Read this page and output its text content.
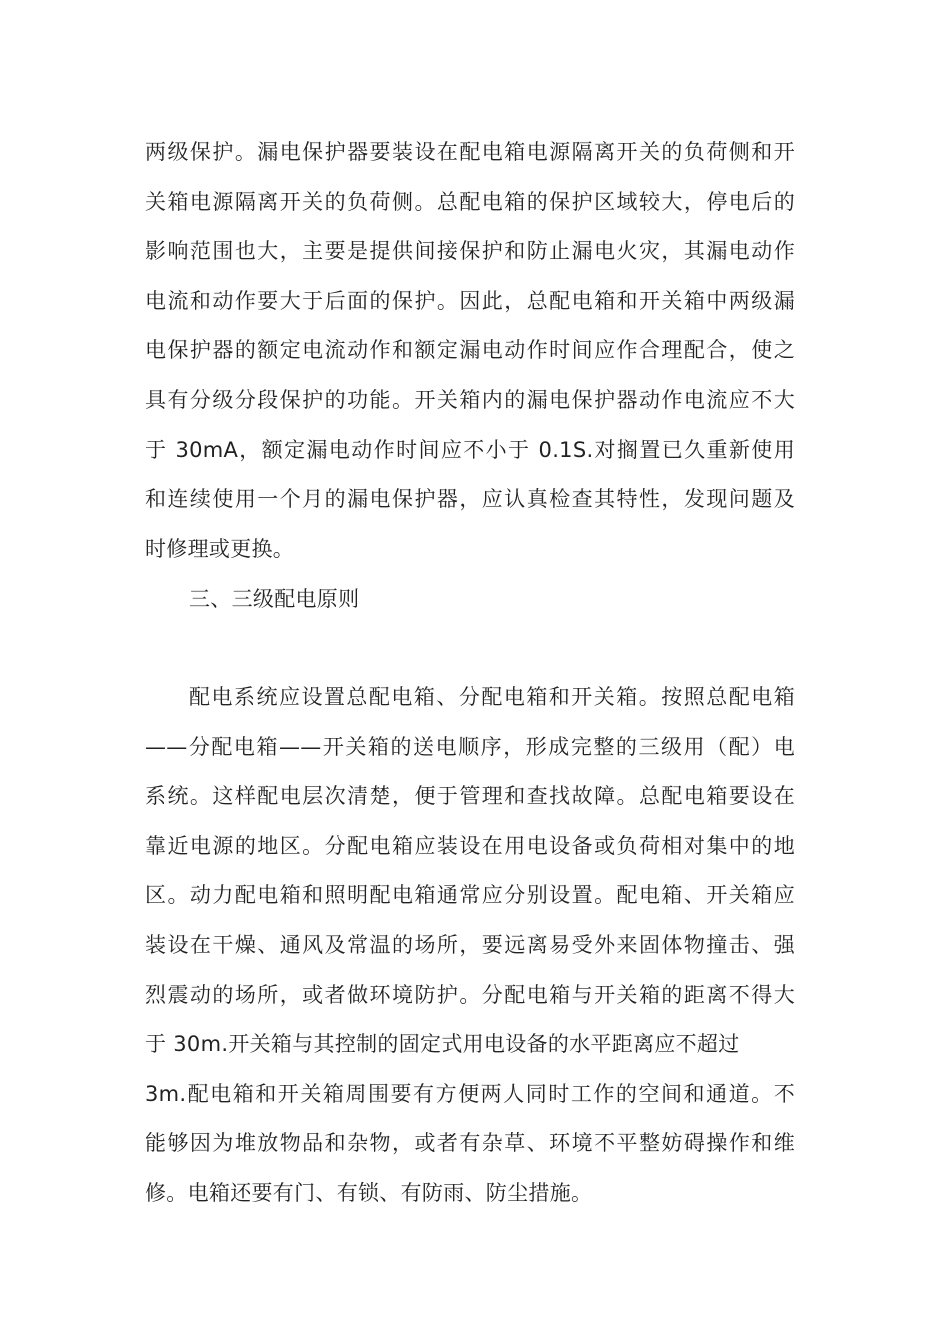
两级保护。漏电保护器要装设在配电箱电源隔离开关的负荷侧和开
关箱电源隔离开关的负荷侧。总配电箱的保护区域较大，停电后的
影响范围也大，主要是提供间接保护和防止漏电火灾，其漏电动作
电流和动作要大于后面的保护。因此，总配电箱和开关箱中两级漏
电保护器的额定电流动作和额定漏电动作时间应作合理配合，使之
具有分级分段保护的功能。开关箱内的漏电保护器动作电流应不大
于 30mA，额定漏电动作时间应不小于 0.1S.对搁置已久重新使用
和连续使用一个月的漏电保护器，应认真检查其特性，发现问题及
时修理或更换。
三、三级配电原则
配电系统应设置总配电箱、分配电箱和开关箱。按照总配电箱
——分配电箱——开关箱的送电顺序，形成完整的三级用（配）电
系统。这样配电层次清楚，便于管理和查找故障。总配电箱要设在
靠近电源的地区。分配电箱应装设在用电设备或负荷相对集中的地
区。动力配电箱和照明配电箱通常应分别设置。配电箱、开关箱应
装设在干燥、通风及常温的场所，要远离易受外来固体物撞击、强
烈震动的场所，或者做环境防护。分配电箱与开关箱的距离不得大
于 30m.开关箱与其控制的固定式用电设备的水平距离应不超过
3m.配电箱和开关箱周围要有方便两人同时工作的空间和通道。不
能够因为堆放物品和杂物，或者有杂草、环境不平整妨碍操作和维
修。电箱还要有门、有锁、有防雨、防尘措施。
